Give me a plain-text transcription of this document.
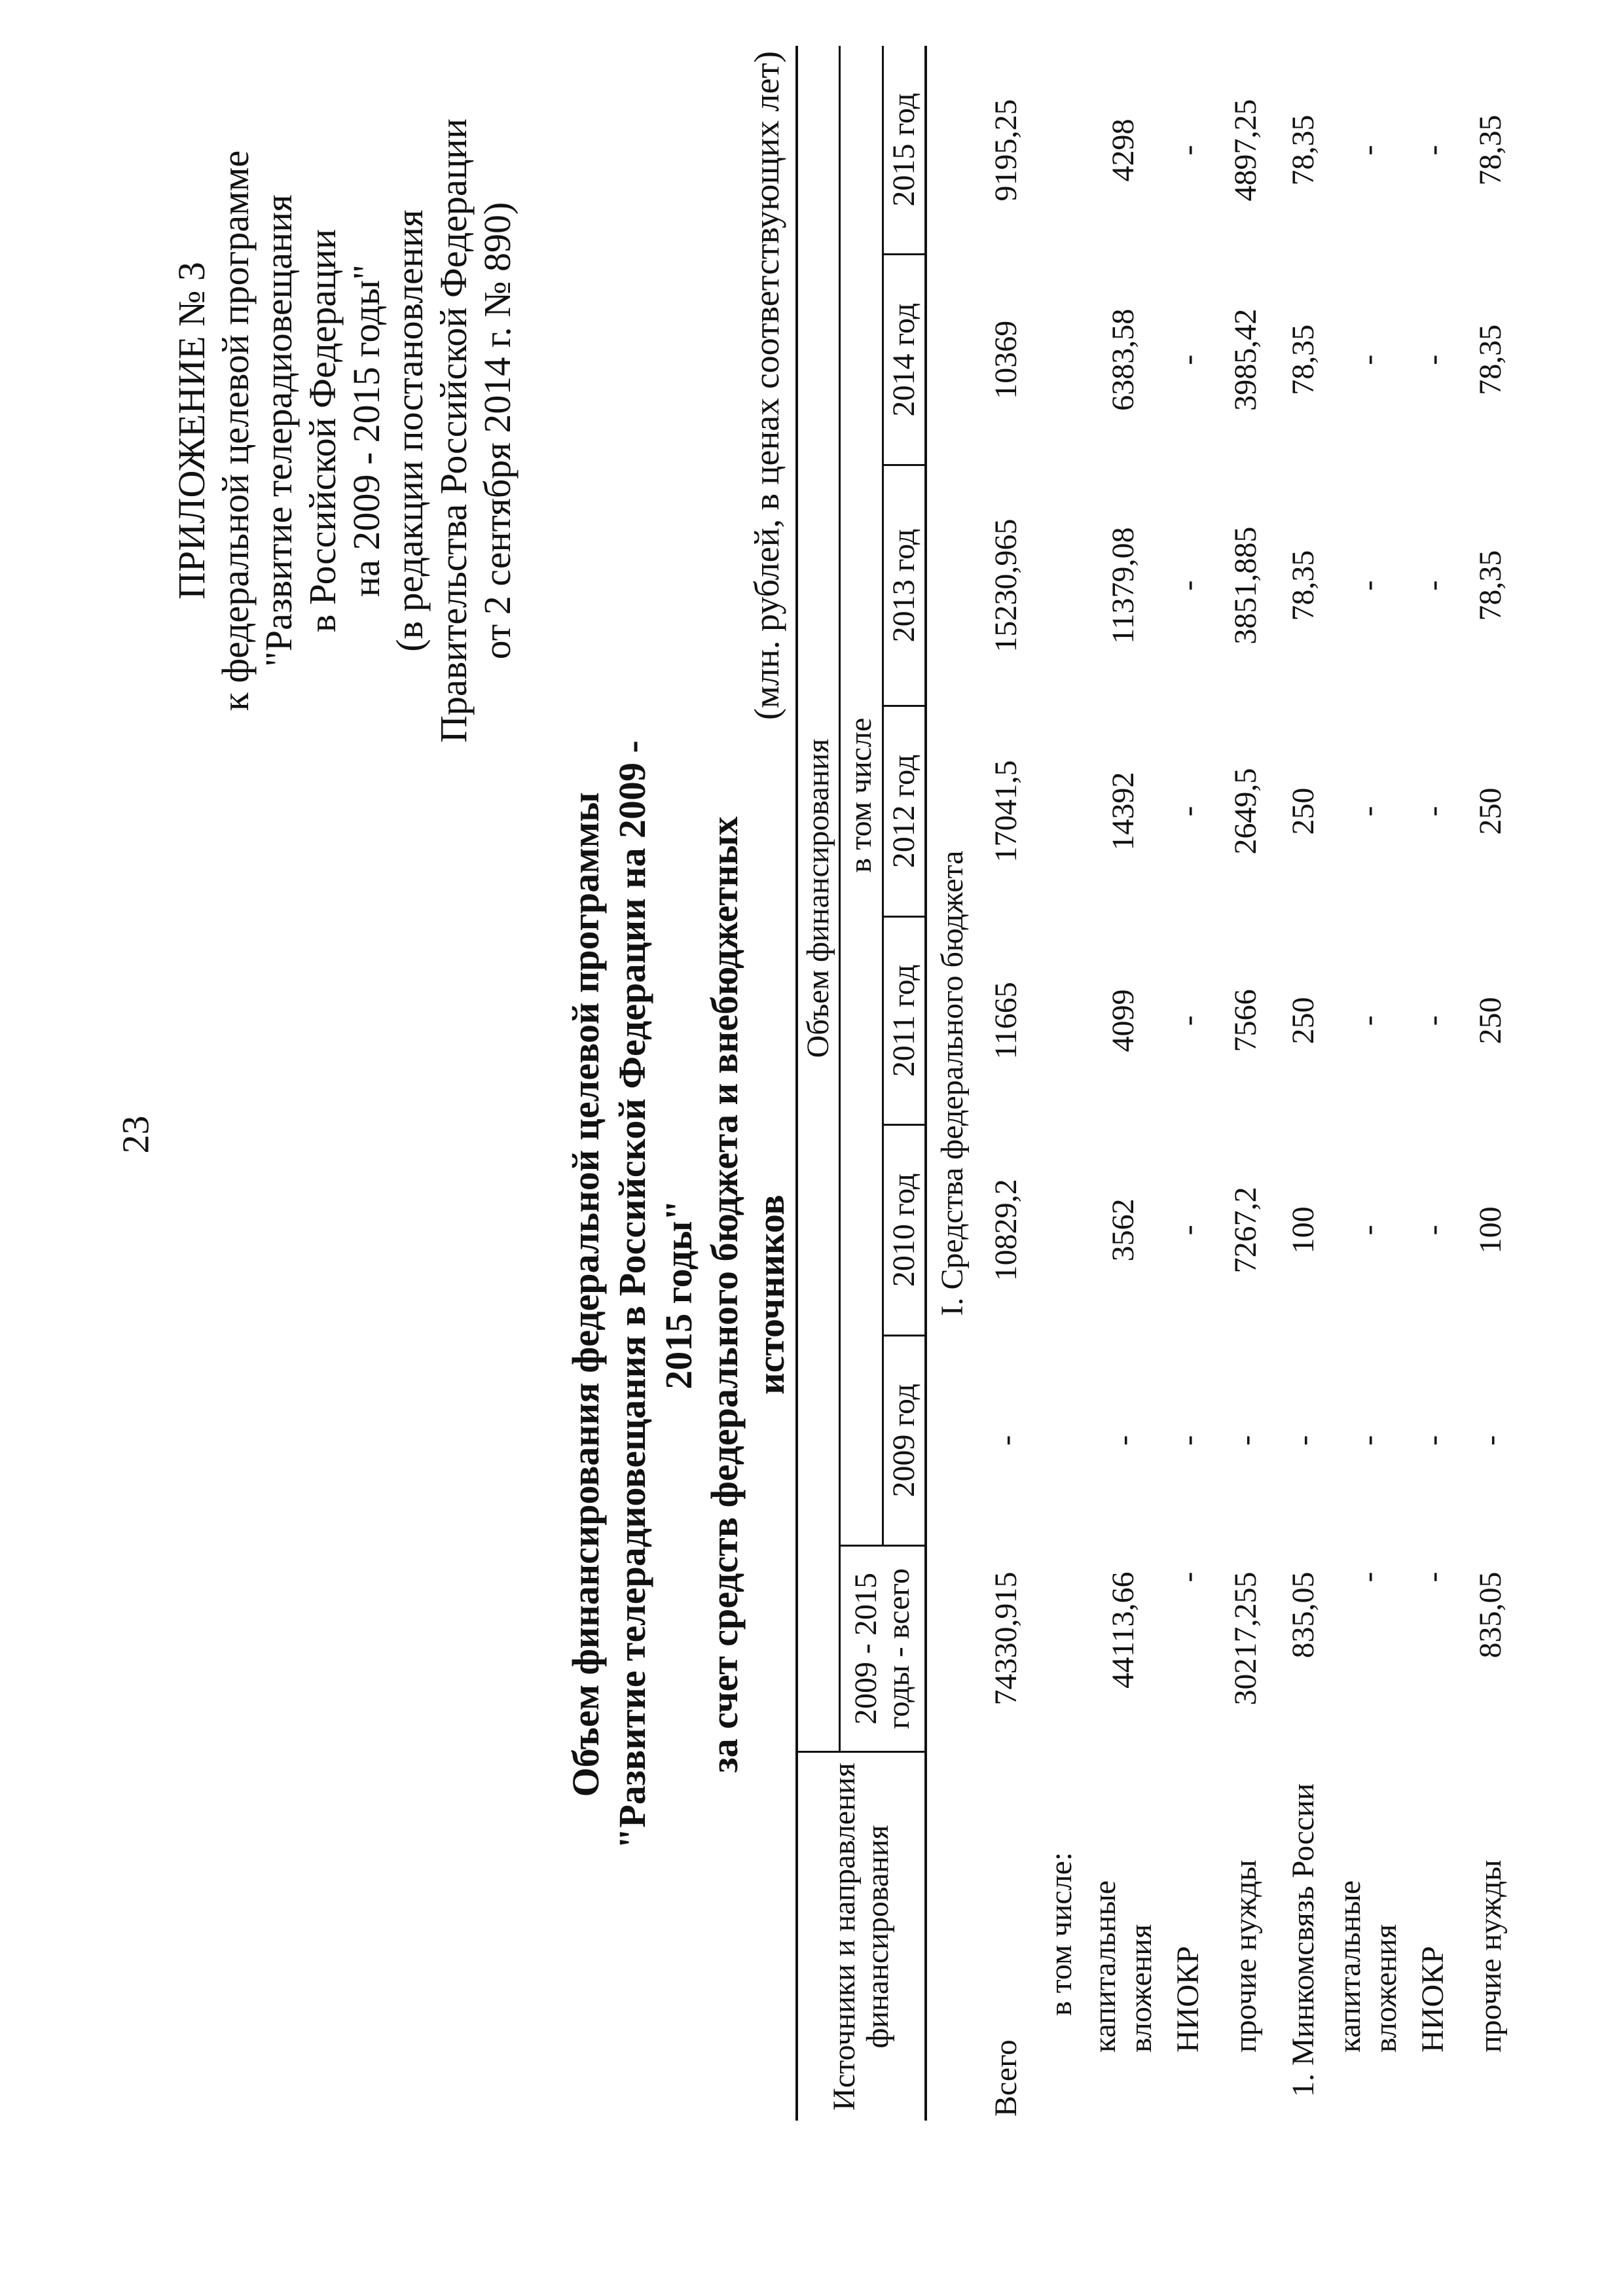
23
ПРИЛОЖЕНИЕ № 3 к федеральной целевой программе "Развитие телерадиовещания в Российской Федерации на 2009 - 2015 годы" (в редакции постановления Правительства Российской Федерации от 2 сентября 2014 г. № 890)
Объем финансирования федеральной целевой программы "Развитие телерадиовещания в Российской Федерации на 2009 - 2015 годы" за счет средств федерального бюджета и внебюджетных источников
(млн. рублей, в ценах соответствующих лет)
Источники и направления финансирования	Объем финансирования							
	2009 - 2015 годы - всего	в том числе						
		2009 год	2010 год	2011 год	2012 год	2013 год	2014 год	2015 год
I. Средства федерального бюджета								
Всего	74330,915	-	10829,2	11665	17041,5	15230,965	10369	9195,25
в том числе:								
капитальные вложения	44113,66	-	3562	4099	14392	11379,08	6383,58	4298
НИОКР	-	-	-	-	-	-	-	-
прочие нужды	30217,255	-	7267,2	7566	2649,5	3851,885	3985,42	4897,25
1. Минкомсвязь России	835,05	-	100	250	250	78,35	78,35	78,35
капитальные вложения	-	-	-	-	-	-	-	-
НИОКР	-	-	-	-	-	-	-	-
прочие нужды	835,05	-	100	250	250	78,35	78,35	78,35
